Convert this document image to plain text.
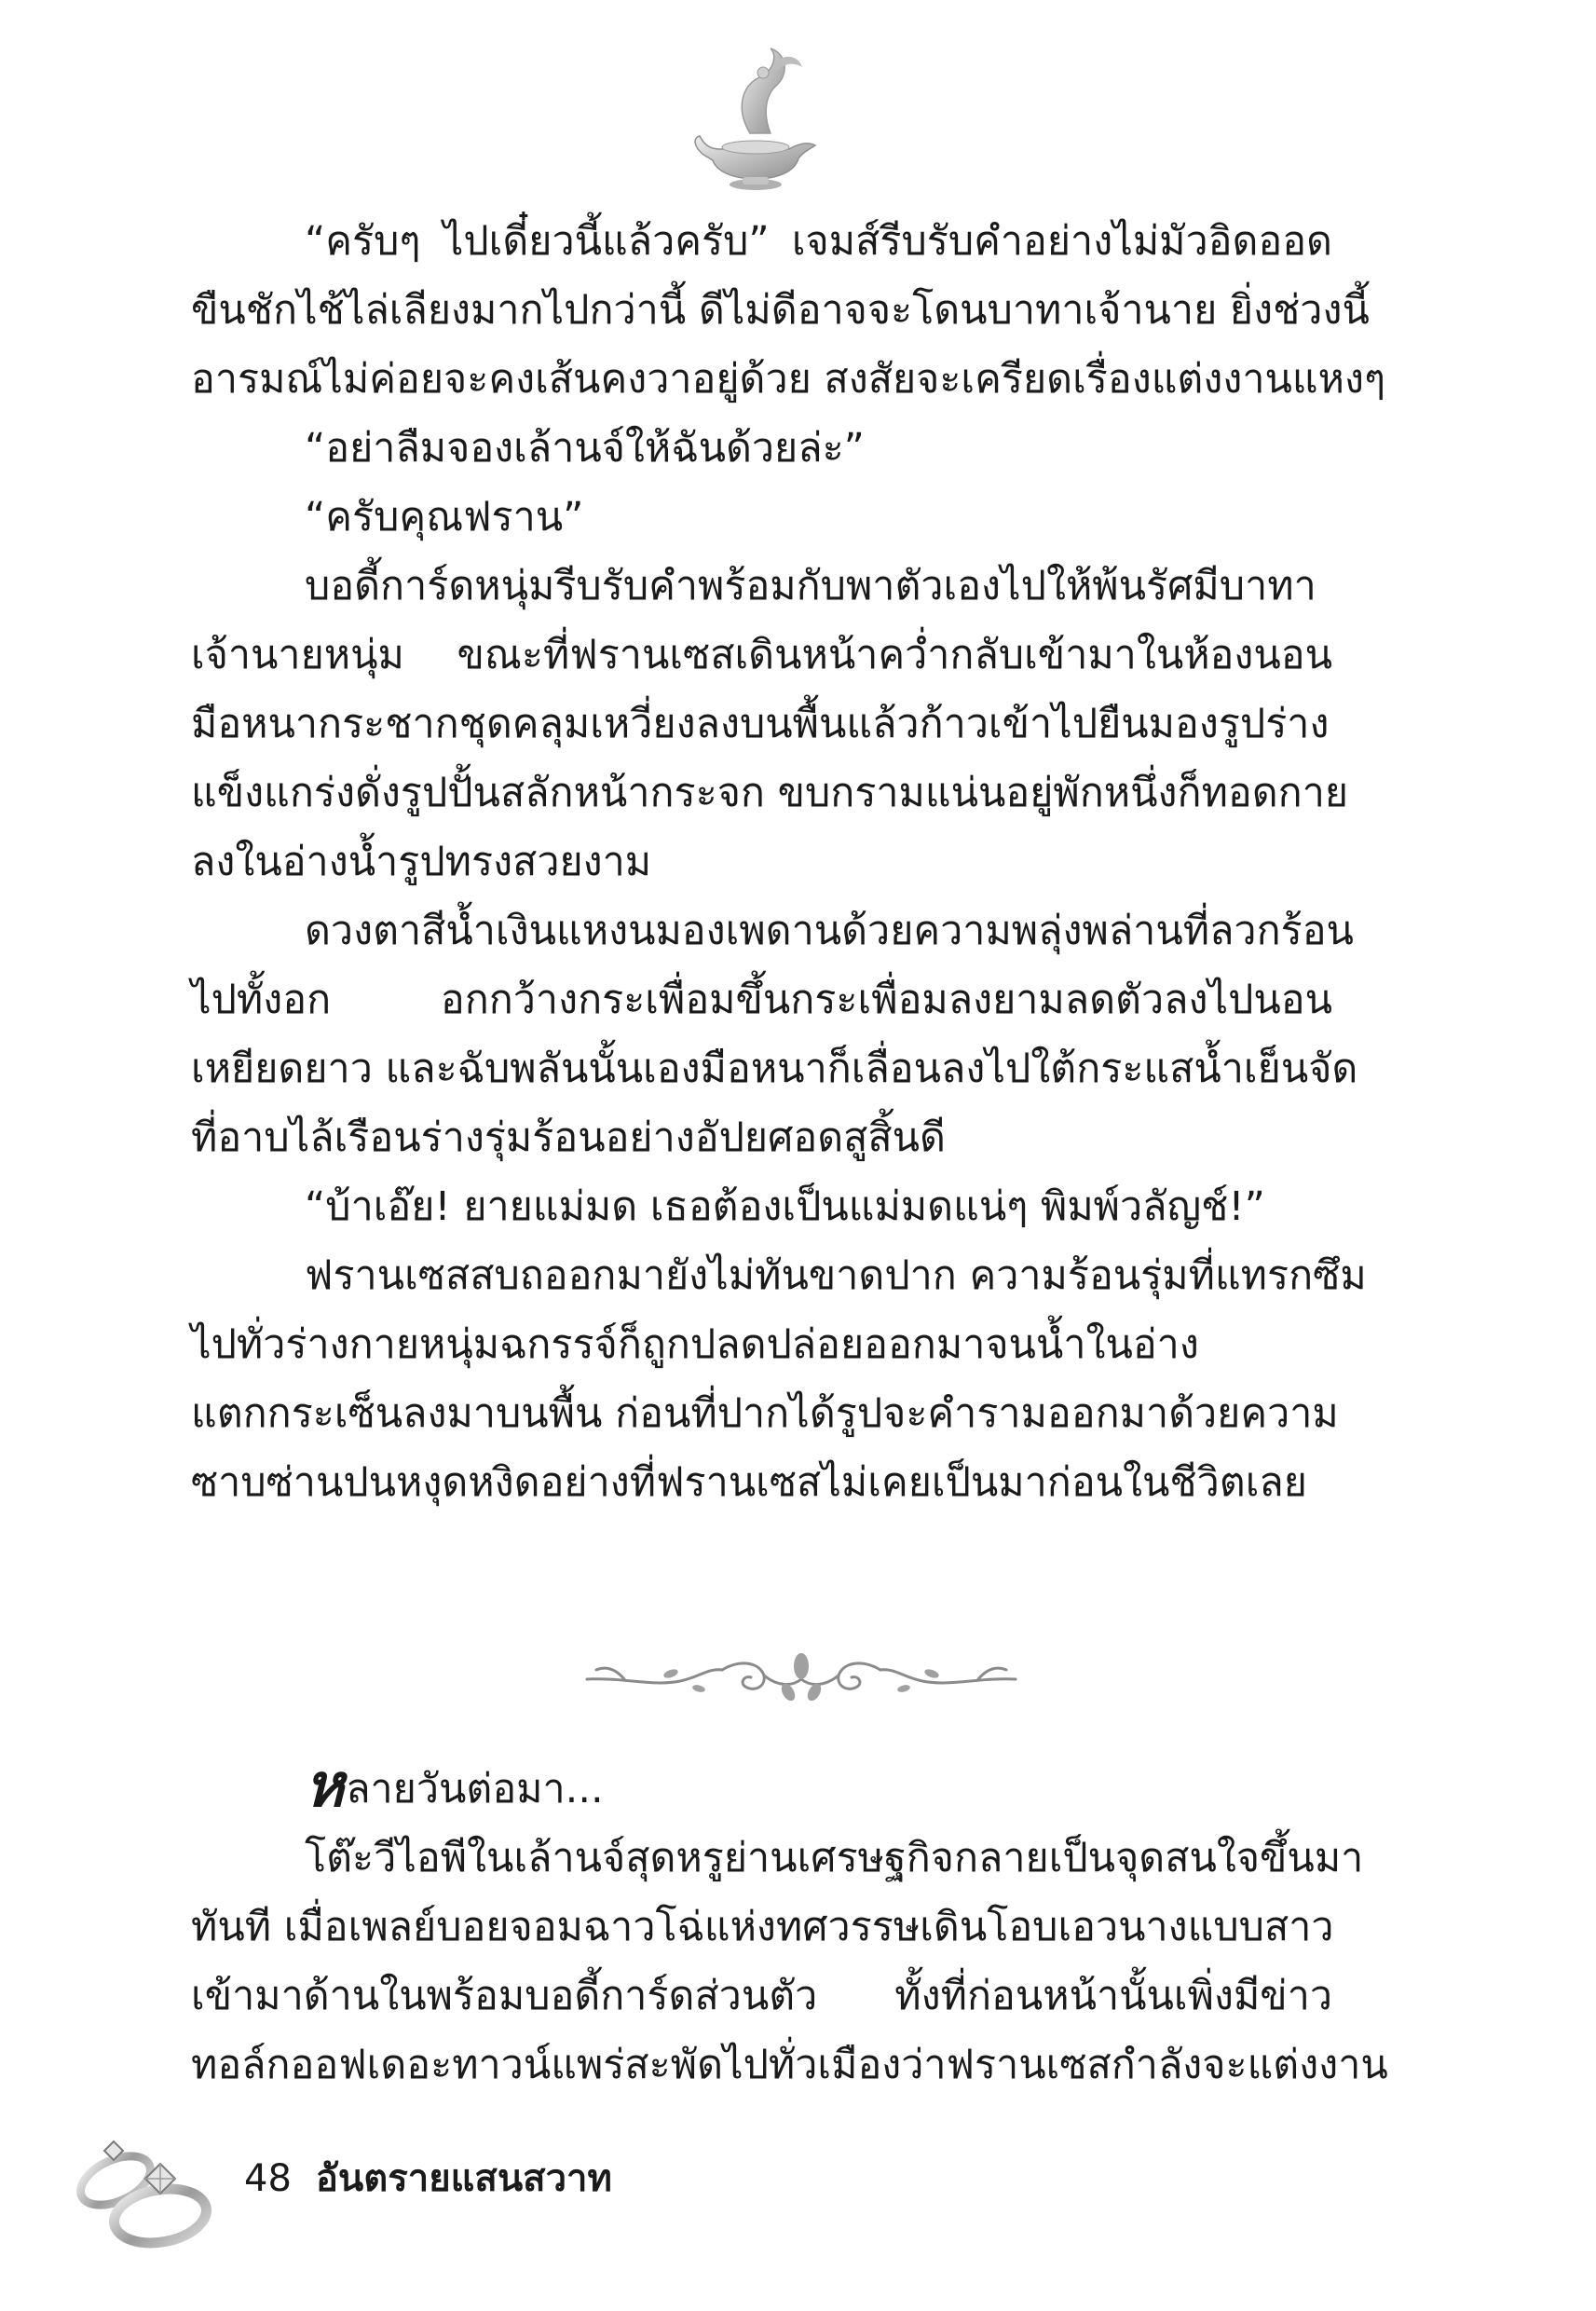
“ครับๆ ไปเดี๋ยวนี้แล้วครับ” เจมส์รีบรับคำอย่างไม่มัวอิดออด
ขืนชักไช้ไล่เลียงมากไปกว่านี้ ดีไม่ดีอาจจะโดนบาทาเจ้านาย ยิ่งช่วงนี้
อารมณ์ไม่ค่อยจะคงเส้นคงวาอยู่ด้วย สงสัยจะเครียดเรื่องแต่งงานแหงๆ
“อย่าลืมจองเล้านจ์ให้ฉันด้วยล่ะ”
“ครับคุณฟราน”
บอดี้การ์ดหนุ่มรีบรับคำพร้อมกับพาตัวเองไปให้พ้นรัศมีบาทา
เจ้านายหนุ่ม ขณะที่ฟรานเซสเดินหน้าคว่ำกลับเข้ามาในห้องนอน
มือหนากระชากชุดคลุมเหวี่ยงลงบนพื้นแล้วก้าวเข้าไปยืนมองรูปร่าง
แข็งแกร่งดั่งรูปปั้นสลักหน้ากระจก ขบกรามแน่นอยู่พักหนึ่งก็ทอดกาย
ลงในอ่างน้ำรูปทรงสวยงาม
ดวงตาสีน้ำเงินแหงนมองเพดานด้วยความพลุ่งพล่านที่ลวกร้อน
ไปทั้งอก อกกว้างกระเพื่อมขึ้นกระเพื่อมลงยามลดตัวลงไปนอน
เหยียดยาว และฉับพลันนั้นเองมือหนาก็เลื่อนลงไปใต้กระแสน้ำเย็นจัด
ที่อาบไล้เรือนร่างรุ่มร้อนอย่างอัปยศอดสูสิ้นดี
“บ้าเอ๊ย! ยายแม่มด เธอต้องเป็นแม่มดแน่ๆ พิมพ์วลัญช์!”
ฟรานเซสสบถออกมายังไม่ทันขาดปาก ความร้อนรุ่มที่แทรกซึม
ไปทั่วร่างกายหนุ่มฉกรรจ์ก็ถูกปลดปล่อยออกมาจนน้ำในอ่าง
แตกกระเซ็นลงมาบนพื้น ก่อนที่ปากได้รูปจะคำรามออกมาด้วยความ
ซาบซ่านปนหงุดหงิดอย่างที่ฟรานเซสไม่เคยเป็นมาก่อนในชีวิตเลย
หลายวันต่อมา...
โต๊ะวีไอพีในเล้านจ์สุดหรูย่านเศรษฐกิจกลายเป็นจุดสนใจขึ้นมา
ทันที เมื่อเพลย์บอยจอมฉาวโฉ่แห่งทศวรรษเดินโอบเอวนางแบบสาว
เข้ามาด้านในพร้อมบอดี้การ์ดส่วนตัว ทั้งที่ก่อนหน้านั้นเพิ่งมีข่าว
ทอล์กออฟเดอะทาวน์แพร่สะพัดไปทั่วเมืองว่าฟรานเซสกำลังจะแต่งงาน
48 อันตรายแสนสวาท
